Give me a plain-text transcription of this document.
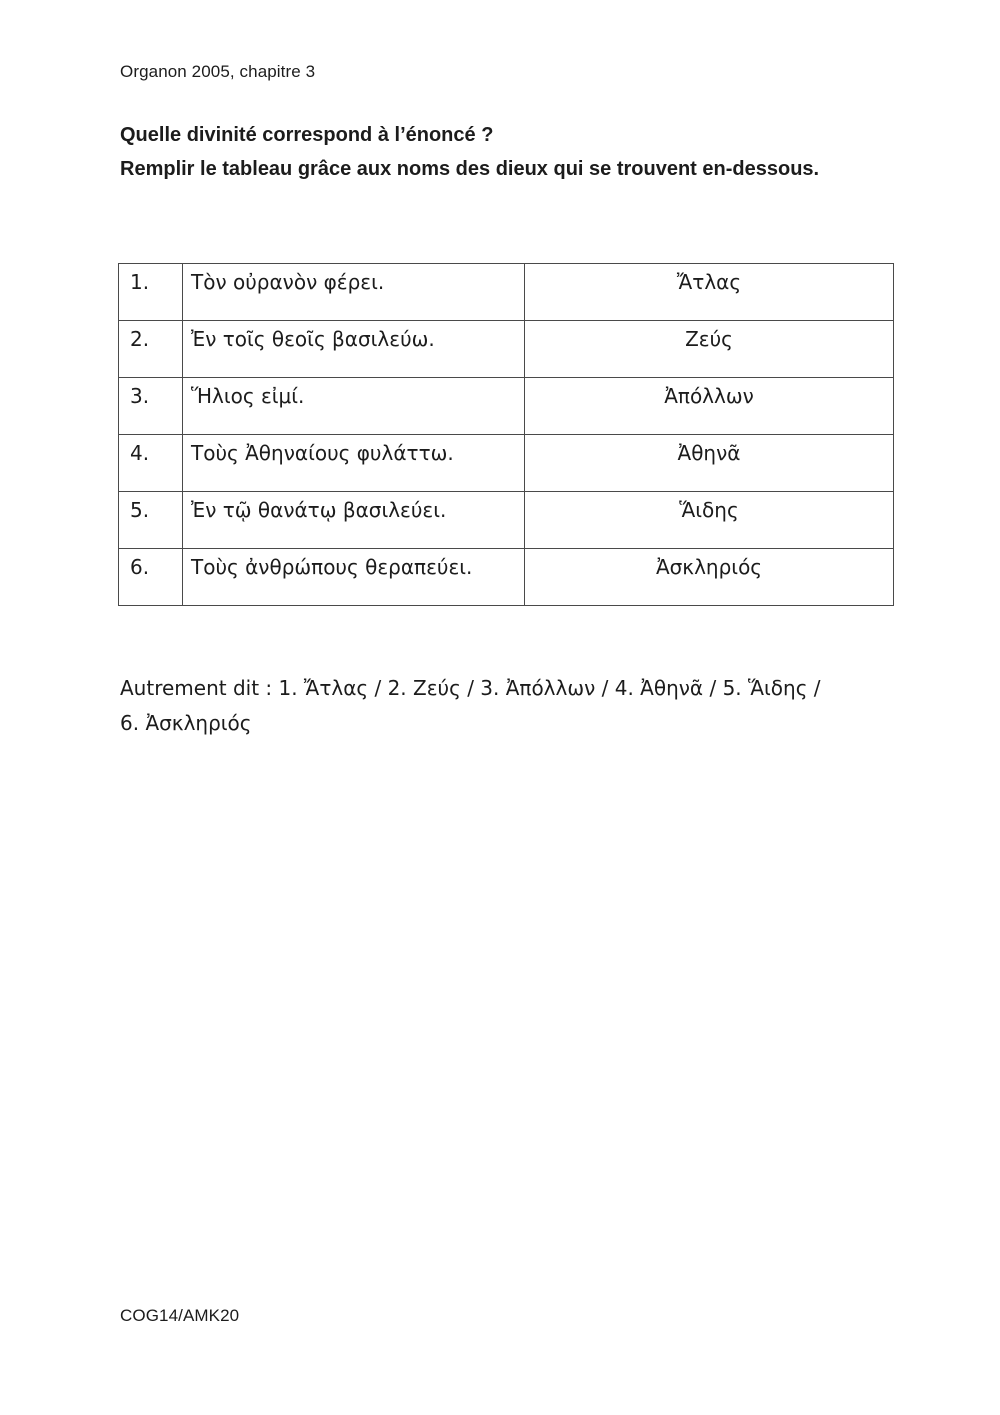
Organon 2005, chapitre 3
Quelle divinité correspond à l’énoncé ?
Remplir le tableau grâce aux noms des dieux qui se trouvent en-dessous.
1.	Τὸν οὐρανὸν φέρει.	Ἄτλας
2.	Ἐν τοῖς θεοῖς βασιλεύω.	Ζεύς
3.	Ἥλιος εἰμί.	Ἀπόλλων
4.	Τοὺς Ἀθηναίους φυλάττω.	Ἀθηνᾶ
5.	Ἐν τῷ θανάτῳ βασιλεύει.	Ἅιδης
6.	Τοὺς ἀνθρώπους θεραπεύει.	Ἀσκληριός
Autrement dit : 1. Ἄτλας / 2. Ζεύς / 3. Ἀπόλλων / 4. Ἀθηνᾶ / 5. Ἅιδης /
6. Ἀσκληριός
COG14/AMK20
